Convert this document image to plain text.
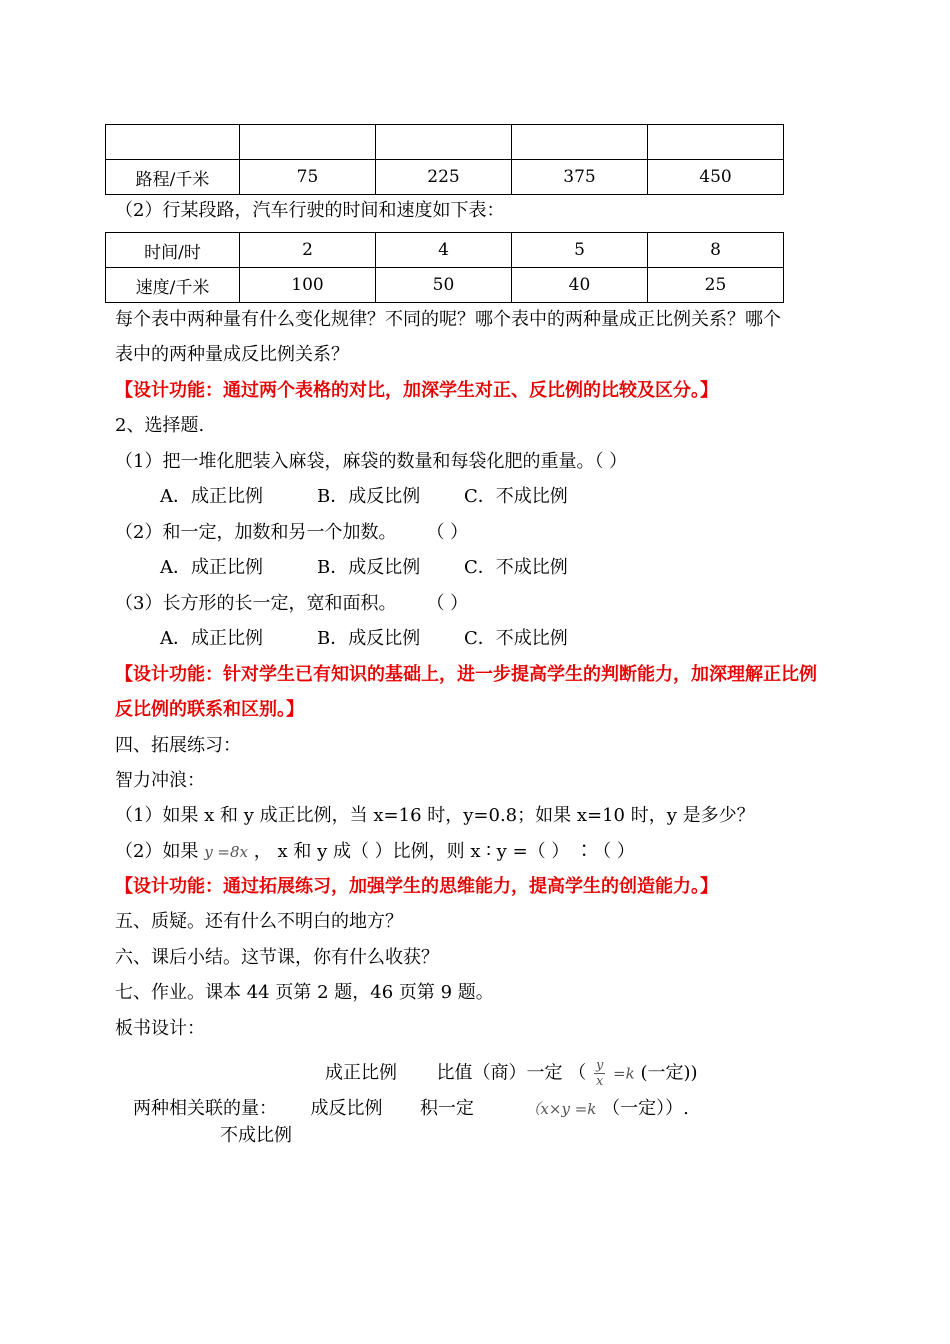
路程/千米	75	225	375	450
（2）行某段路，汽车行驶的时间和速度如下表：
时间/时	2	4	5	8
速度/千米	100	50	40	25
每个表中两种量有什么变化规律？不同的呢？哪个表中的两种量成正比例关系？哪个
表中的两种量成反比例关系？
【设计功能：通过两个表格的对比，加深学生对正、反比例的比较及区分。】
2、选择题.
（1）把一堆化肥装入麻袋，麻袋的数量和每袋化肥的重量。（ ）
A．成正比例	B．成反比例 C．不成比例
（2）和一定，加数和另一个加数。 （ ）
A．成正比例	B．成反比例 C．不成比例
（3）长方形的长一定，宽和面积。 （ ）
A．成正比例	B．成反比例 C．不成比例
【设计功能：针对学生已有知识的基础上，进一步提高学生的判断能力，加深理解正比例
反比例的联系和区别。】
四、拓展练习：
智力冲浪：
（1）如果 x 和 y 成正比例，当 x=16 时，y=0.8；如果 x=10 时，y 是多少？
（2）如果 y =8x ， x 和 y 成（ ）比例，则 x ∶ y =（ ） ∶（ ）
【设计功能：通过拓展练习，加强学生的思维能力，提高学生的创造能力。】
五、质疑。还有什么不明白的地方？
六、课后小结。这节课，你有什么收获？
七、作业。课本 44 页第 2 题，46 页第 9 题。
板书设计：
成正比例 比值（商）一定 （ $\frac{y}{x} =k$ (一定))
两种相关联的量： 成反比例 积一定	（x×y =k （一定））.
不成比例
